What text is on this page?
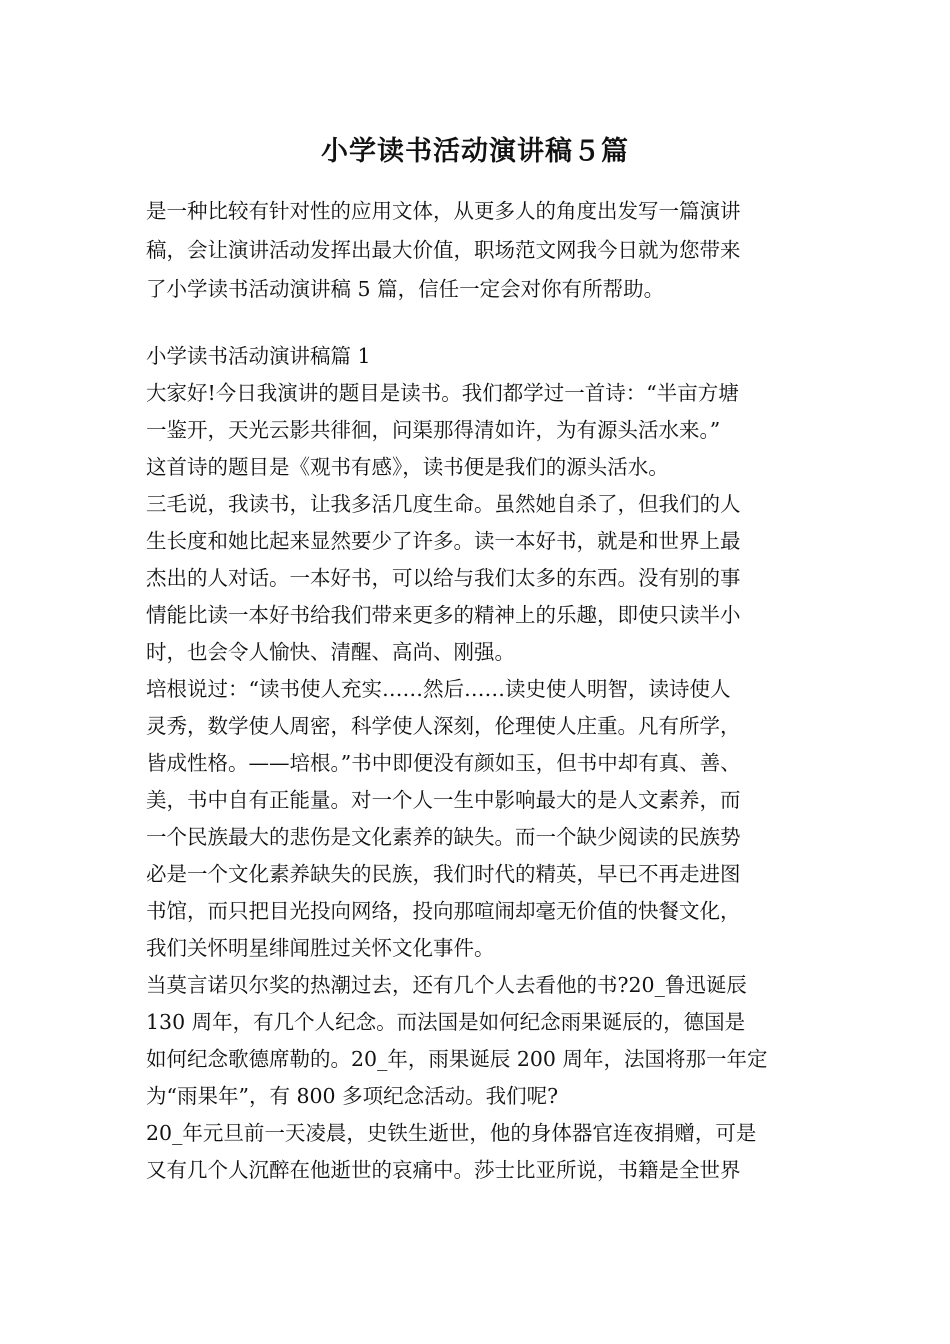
小学读书活动演讲稿５篇
是一种比较有针对性的应用文体，从更多人的角度出发写一篇演讲
稿，会让演讲活动发挥出最大价值，职场范文网我今日就为您带来
了小学读书活动演讲稿 5 篇，信任一定会对你有所帮助。
小学读书活动演讲稿篇 1
大家好!今日我演讲的题目是读书。我们都学过一首诗：“半亩方塘
一鉴开，天光云影共徘徊，问渠那得清如许，为有源头活水来。”
这首诗的题目是《观书有感》，读书便是我们的源头活水。
三毛说，我读书，让我多活几度生命。虽然她自杀了，但我们的人
生长度和她比起来显然要少了许多。读一本好书，就是和世界上最
杰出的人对话。一本好书，可以给与我们太多的东西。没有别的事
情能比读一本好书给我们带来更多的精神上的乐趣，即使只读半小
时，也会令人愉快、清醒、高尚、刚强。
培根说过：“读书使人充实……然后……读史使人明智，读诗使人
灵秀，数学使人周密，科学使人深刻，伦理使人庄重。凡有所学，
皆成性格。——培根。”书中即便没有颜如玉，但书中却有真、善、
美，书中自有正能量。对一个人一生中影响最大的是人文素养，而
一个民族最大的悲伤是文化素养的缺失。而一个缺少阅读的民族势
必是一个文化素养缺失的民族，我们时代的精英，早已不再走进图
书馆，而只把目光投向网络，投向那喧闹却毫无价值的快餐文化，
我们关怀明星绯闻胜过关怀文化事件。
当莫言诺贝尔奖的热潮过去，还有几个人去看他的书?20_鲁迅诞辰
130 周年，有几个人纪念。而法国是如何纪念雨果诞辰的，德国是
如何纪念歌德席勒的。20_年，雨果诞辰 200 周年，法国将那一年定
为“雨果年”，有 800 多项纪念活动。我们呢?
20_年元旦前一天凌晨，史铁生逝世，他的身体器官连夜捐赠，可是
又有几个人沉醉在他逝世的哀痛中。莎士比亚所说，书籍是全世界
